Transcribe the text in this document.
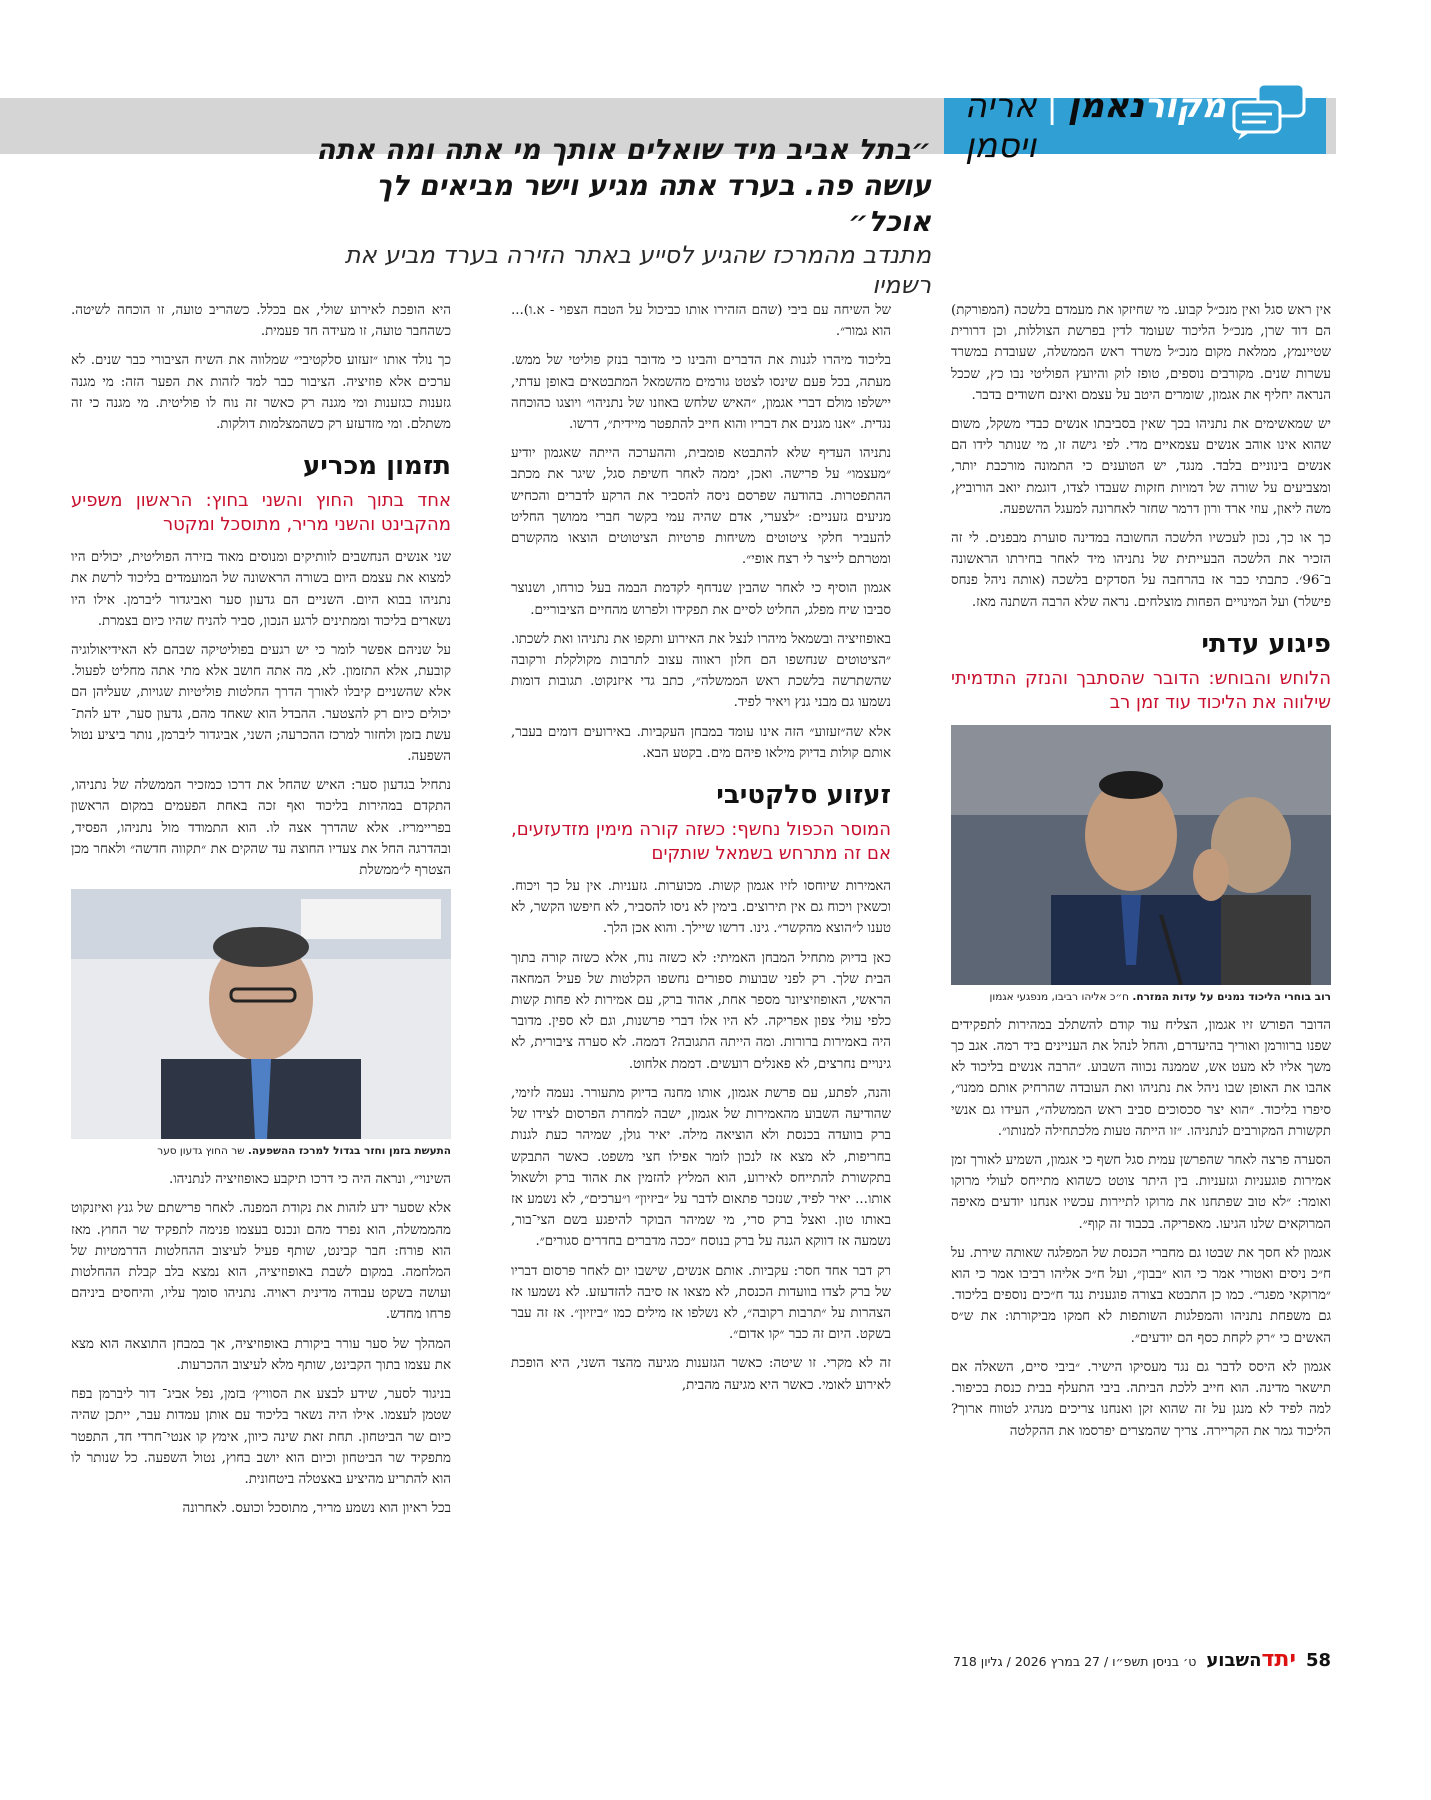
מקורנאמן
|
אריה ויסמן
״בתל אביב מיד שואלים אותך מי אתה ומה אתה עושה פה. בערד אתה מגיע וישר מביאים לך אוכל״
מתנדב מהמרכז שהגיע לסייע באתר הזירה בערד מביע את רשמיו

אין ראש סגל ואין מנכ״ל קבוע. מי שחיזקו את מעמדם בלשכה (המפורקת) הם דוד שרן, מנכ״ל הליכוד שעומד לדין בפרשת הצוללות, וכן דרורית שטיינמץ, ממלאת מקום מנכ״ל משרד ראש הממשלה, שעובדת במשרד עשרות שנים. מקורבים נוספים, טופז לוק והיועץ הפוליטי נבו כץ, שככל הנראה יחליף את אגמון, שומרים היטב על עצמם ואינם חשודים בדבר.

יש שמאשימים את נתניהו בכך שאין בסביבתו אנשים כבדי משקל, משום שהוא אינו אוהב אנשים עצמאיים מדי. לפי גישה זו, מי שנותר לידו הם אנשים בינוניים בלבד. מנגד, יש הטוענים כי התמונה מורכבת יותר, ומצביעים על שורה של דמויות חזקות שעבדו לצדו, דוגמת יואב הורוביץ, משה ליאון, עוזי ארד ורון דרמר שחזר לאחרונה למעגל ההשפעה.

כך או כך, נכון לעכשיו הלשכה החשובה במדינה סוערת מבפנים. לי זה הזכיר את הלשכה הבעייתית של נתניהו מיד לאחר בחירתו הראשונה ב־96׳. כתבתי כבר אז בהרחבה על הסדקים בלשכה (אותה ניהל פנחס פישלר) ועל המינויים הפחות מוצלחים. נראה שלא הרבה השתנה מאז.

פיגוע עדתי
הלוחש והבוחש: הדובר שהסתבך והנזק התדמיתי שילווה את הליכוד עוד זמן רב
רוב בוחרי הליכוד נמנים על עדות המזרח. ח״כ אליהו רביבו, מנפגעי אגמון

הדובר הפורש זיו אגמון, הצליח עוד קודם להשתלב במהירות לתפקידים שפנו ברוורמן ואוריך בהיעדרם, והחל לנהל את העניינים ביד רמה. אגב כך משך אליו לא מעט אש, שממנה נכווה השבוע. ״הרבה אנשים בליכוד לא אהבו את האופן שבו ניהל את נתניהו ואת העובדה שהרחיק אותם ממנו״, סיפרו בליכוד. ״הוא יצר סכסוכים סביב ראש הממשלה״, העידו גם אנשי תקשורת המקורבים לנתניהו. ״זו הייתה טעות מלכתחילה למנותו״.

הסערה פרצה לאחר שהפרשן עמית סגל חשף כי אגמון, השמיע לאורך זמן אמירות פוגעניות וגזעניות. בין היתר צוטט כשהוא מתייחס לעולי מרוקו ואומר: ״לא טוב שפתחנו את מרוקו לתיירות עכשיו אנחנו יודעים מאיפה המרוקאים שלנו הגיעו. מאפריקה. בכבוד זה קוף״.

אגמון לא חסך את שבטו גם מחברי הכנסת של המפלגה שאותה שירת. על ח״כ ניסים ואטורי אמר כי הוא ״בבון״, ועל ח״כ אליהו רביבו אמר כי הוא ״מרוקאי מפגר״. כמו כן התבטא בצורה פוגענית נגד ח״כים נוספים בליכוד. גם משפחת נתניהו והמפלגות השותפות לא חמקו מביקורתו: את ש״ס האשים כי ״רק לקחת כסף הם יודעים״.

אגמון לא היסס לדבר גם נגד מעסיקו הישיר. ״ביבי סיים, השאלה אם תישאר מדינה. הוא חייב ללכת הביתה. ביבי התעלף בבית כנסת בכיפור. למה לפיד לא מנגן על זה שהוא זקן ואנחנו צריכים מנהיג לטווח ארוך? הליכוד גמר את הקריירה. צריך שהמצרים יפרסמו את ההקלטה

של השיחה עם ביבי (שהם הזהירו אותו כביכול על הטבח הצפוי - א.ו)... הוא גמור״.

בליכוד מיהרו לגנות את הדברים והבינו כי מדובר בנזק פוליטי של ממש. מעתה, בכל פעם שינסו לצטט גורמים מהשמאל המתבטאים באופן עדתי, יישלפו מולם דברי אגמון, ״האיש שלחש באוזנו של נתניהו״ ויוצגו כהוכחה נגדית. ״אנו מגנים את דבריו והוא חייב להתפטר מיידית״, דרשו.

נתניהו העדיף שלא להתבטא פומבית, וההערכה הייתה שאגמון יודיע ״מעצמו״ על פרישה. ואכן, יממה לאחר חשיפת סגל, שיגר את מכתב ההתפטרות. בהודעה שפרסם ניסה להסביר את הרקע לדברים והכחיש מניעים גזעניים: ״לצערי, אדם שהיה עמי בקשר חברי ממושך החליט להעביר חלקי ציטוטים משיחות פרטיות הציטוטים הוצאו מהקשרם ומטרתם לייצר לי רצח אופי״.

אגמון הוסיף כי לאחר שהבין שנדחף לקדמת הבמה בעל כורחו, ושנוצר סביבו שיח מפלג, החליט לסיים את תפקידו ולפרוש מהחיים הציבוריים.

באופוזיציה ובשמאל מיהרו לנצל את האירוע ותקפו את נתניהו ואת לשכתו. ״הציטוטים שנחשפו הם חלון ראווה עצוב לתרבות מקולקלת ורקובה שהשתרשה בלשכת ראש הממשלה״, כתב גדי איזנקוט. תגובות דומות נשמעו גם מבני גנץ ויאיר לפיד.

אלא שה״זעזוע״ הזה אינו עומד במבחן העקביות. באירועים דומים בעבר, אותם קולות בדיוק מילאו פיהם מים. בקטע הבא.

זעזוע סלקטיבי
המוסר הכפול נחשף: כשזה קורה מימין מזדעזעים, אם זה מתרחש בשמאל שותקים

האמירות שיוחסו לזיו אגמון קשות. מכוערות. גזעניות. אין על כך ויכוח. וכשאין ויכוח גם אין תירוצים. בימין לא ניסו להסביר, לא חיפשו הקשר, לא טענו ל״הוצא מהקשר״. גינו. דרשו שיילך. והוא אכן הלך.

כאן בדיוק מתחיל המבחן האמיתי: לא כשזה נוח, אלא כשזה קורה בתוך הבית שלך. רק לפני שבועות ספורים נחשפו הקלטות של פעיל המחאה הראשי, האופוזיציונר מספר אחת, אהוד ברק, עם אמירות לא פחות קשות כלפי עולי צפון אפריקה. לא היו אלו דברי פרשנות, וגם לא ספין. מדובר היה באמירות ברורות. ומה הייתה התגובה? דממה. לא סערה ציבורית, לא גינויים נחרצים, לא פאנלים רועשים. דממת אלחוט.

והנה, לפתע, עם פרשת אגמון, אותו מחנה בדיוק מתעורר. נעמה לזימי, שהודיעה השבוע מהאמירות של אגמון, ישבה למחרת הפרסום לצידו של ברק בוועדה בכנסת ולא הוציאה מילה. יאיר גולן, שמיהר כעת לגנות בחריפות, לא מצא אז לנכון לומר אפילו חצי משפט. כאשר התבקש בתקשורת להתייחס לאירוע, הוא המליץ להזמין את אהוד ברק ולשאול אותו... יאיר לפיד, שנזכר פתאום לדבר על ״ביזיון״ ו״ערכים״, לא נשמע אז באותו טון. ואצל ברק סרי, מי שמיהר הבוקר להיפגע בשם הצי־בור, נשמעה אז דווקא הגנה על ברק בנוסח ״ככה מדברים בחדרים סגורים״.

רק דבר אחד חסר: עקביות. אותם אנשים, שישבו יום לאחר פרסום דבריו של ברק לצדו בוועדות הכנסת, לא מצאו אז סיבה להזדעזע. לא נשמעו אז הצהרות על ״תרבות רקובה״, לא נשלפו אז מילים כמו ״ביזיון״. אז זה עבר בשקט. היום זה כבר ״קו אדום״.

זה לא מקרי. זו שיטה: כאשר הגזענות מגיעה מהצד השני, היא הופכת לאירוע לאומי. כאשר היא מגיעה מהבית,

היא הופכת לאירוע שולי, אם בכלל. כשהריב טועה, זו הוכחה לשיטה. כשהחבר טועה, זו מעידה חד פעמית.

כך נולד אותו ״זעזוע סלקטיבי״ שמלווה את השיח הציבורי כבר שנים. לא ערכים אלא פוזיציה. הציבור כבר למד לזהות את הפער הזה: מי מגנה גזענות כגזענות ומי מגנה רק כאשר זה נוח לו פוליטית. מי מגנה כי זה משתלם. ומי מזדעזע רק כשהמצלמות דולקות.

תזמון מכריע
אחד בתוך החוץ והשני בחוץ: הראשון משפיע מהקבינט והשני מריר, מתוסכל ומקטר

שני אנשים הנחשבים לוותיקים ומנוסים מאוד בזירה הפוליטית, יכולים היו למצוא את עצמם היום בשורה הראשונה של המועמדים בליכוד לרשת את נתניהו בבוא היום. השניים הם גדעון סער ואביגדור ליברמן. אילו היו נשארים בליכוד וממתינים לרגע הנכון, סביר להניח שהיו כיום בצמרת.

על שניהם אפשר לומר כי יש רגעים בפוליטיקה שבהם לא האידיאולוגיה קובעת, אלא התזמון. לא, מה אתה חושב אלא מתי אתה מחליט לפעול. אלא שהשניים קיבלו לאורך הדרך החלטות פוליטיות שגויות, שעליהן הם יכולים כיום רק להצטער. ההבדל הוא שאחד מהם, גדעון סער, ידע להת־ עשת בזמן ולחזור למרכז ההכרעה; השני, אביגדור ליברמן, נותר ביציע נטול השפעה.

נתחיל בגדעון סער: האיש שהחל את דרכו כמזכיר הממשלה של נתניהו, התקדם במהירות בליכוד ואף זכה באחת הפעמים במקום הראשון בפריימריז. אלא שהדרך אצה לו. הוא התמודד מול נתניהו, הפסיד, ובהדרגה החל את צעדיו החוצה עד שהקים את ״תקווה חדשה״ ולאחר מכן הצטרף ל״ממשלת

התעשת בזמן וחזר בגדול למרכז ההשפעה. שר החוץ גדעון סער

השינוי״, ונראה היה כי דרכו תיקבע כאופוזיציה לנתניהו.

אלא שסער ידע לזהות את נקודת המפנה. לאחר פרישתם של גנץ ואיזנקוט מהממשלה, הוא נפרד מהם ונכנס בעצמו פנימה לתפקיד שר החוץ. מאז הוא פורח: חבר קבינט, שותף פעיל לעיצוב ההחלטות הדרמטיות של המלחמה. במקום לשבת באופוזיציה, הוא נמצא בלב קבלת ההחלטות ועושה בשקט עבודה מדינית ראויה. נתניהו סומך עליו, והיחסים ביניהם פרחו מחדש.

המהלך של סער עורר ביקורת באופוזיציה, אך במבחן התוצאה הוא מצא את עצמו בתוך הקבינט, שותף מלא לעיצוב ההכרעות.

בניגוד לסער, שידע לבצע את הסוויץ׳ בזמן, נפל אביג־ דור ליברמן בפח שטמן לעצמו. אילו היה נשאר בליכוד עם אותן עמדות עבר, ייתכן שהיה כיום שר הביטחון. תחת זאת שינה כיוון, אימץ קו אנטי־חרדי חד, התפטר מתפקיד שר הביטחון וכיום הוא יושב בחוץ, נטול השפעה. כל שנותר לו הוא להתריע מהיציע באצטלה ביטחונית.

בכל ראיון הוא נשמע מריר, מתוסכל וכועס. לאחרונה

58
יתדהשבוע
ט׳ בניסן תשפ״ו / 27 במרץ 2026 / גליון 718
